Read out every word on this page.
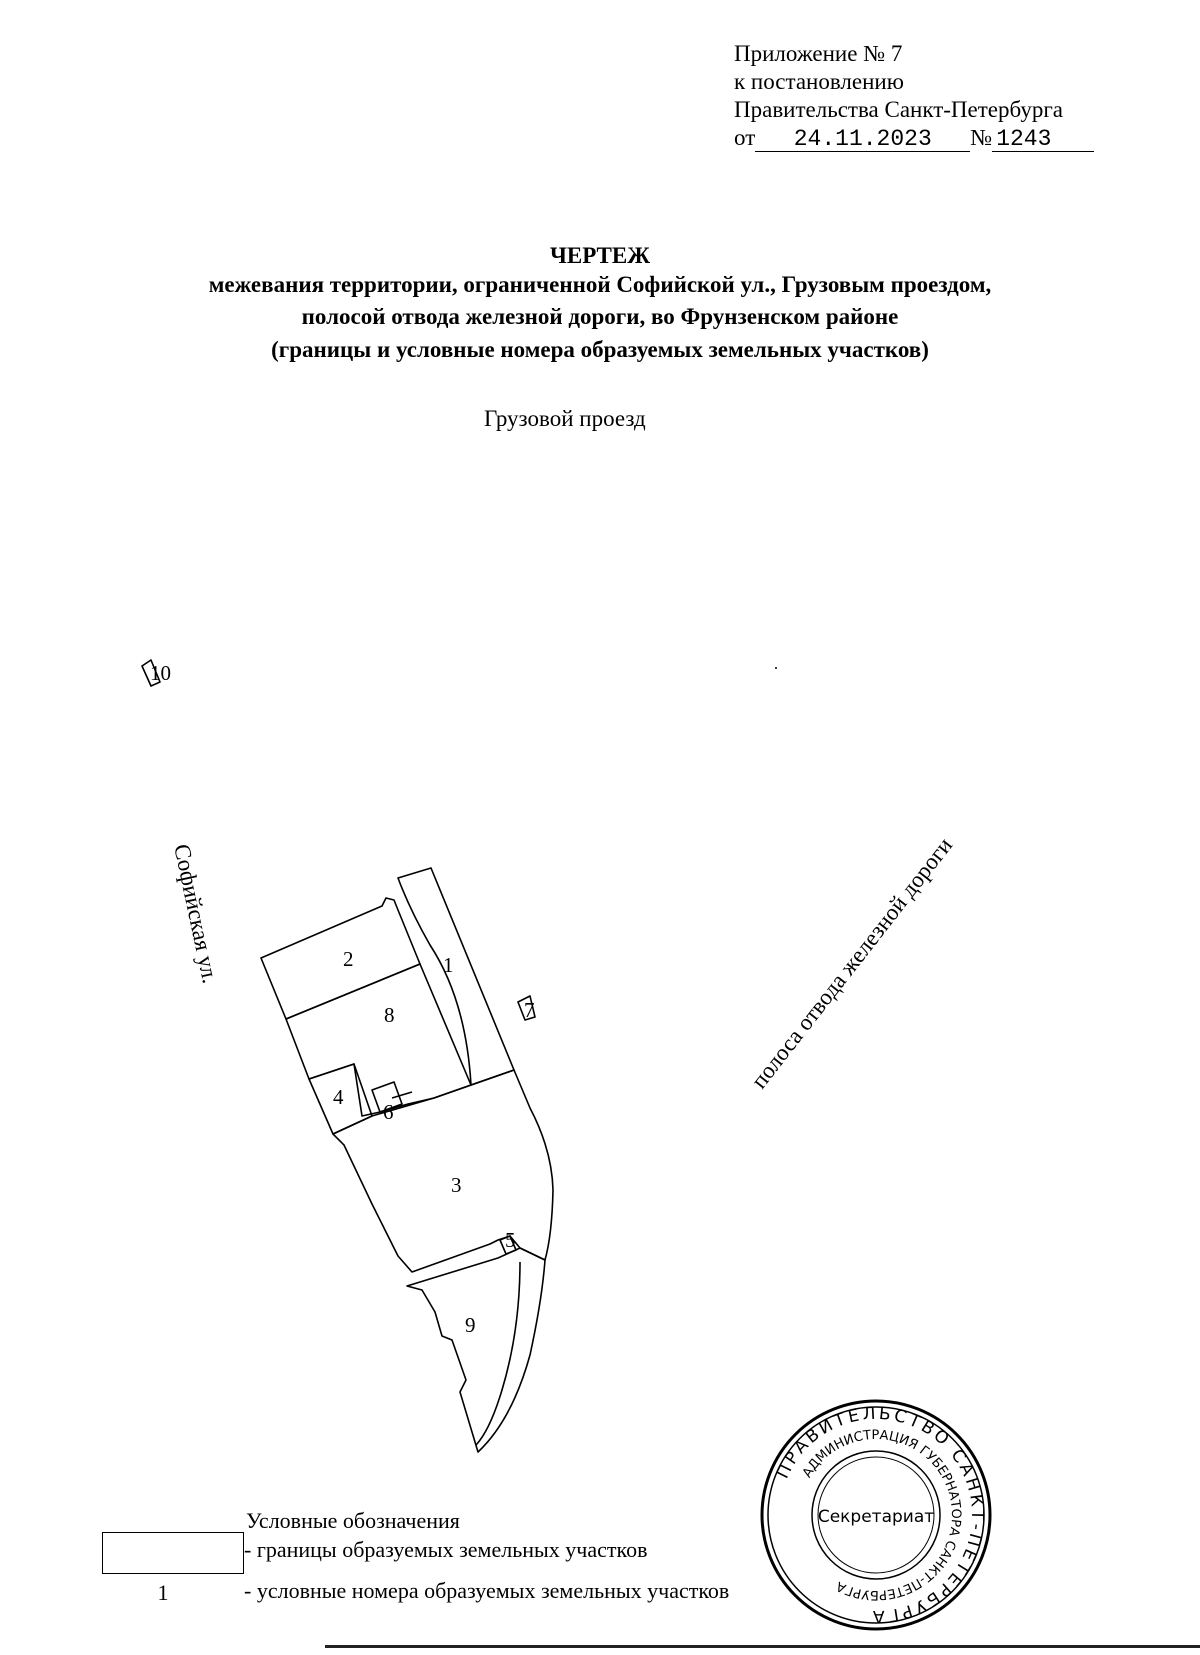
Приложение № 7
к постановлению
Правительства Санкт-Петербурга
от 24.11.2023 № 1243
ЧЕРТЕЖ
межевания территории, ограниченной Софийской ул., Грузовым проездом,
полосой отвода железной дороги, во Фрунзенском районе
(границы и условные номера образуемых земельных участков)
Грузовой проезд
1
2
3
4
5
6
7
8
9
10
Софийская ул.	полоса отвода железной дороги
ПРАВИТЕЛЬСТВО САНКТ-ПЕТЕРБУРГА
АДМИНИСТРАЦИЯ ГУБЕРНАТОРА САНКТ-ПЕТЕРБУРГА
Секретариат
Условные обозначения
- границы образуемых земельных участков
1	- условные номера образуемых земельных участков
